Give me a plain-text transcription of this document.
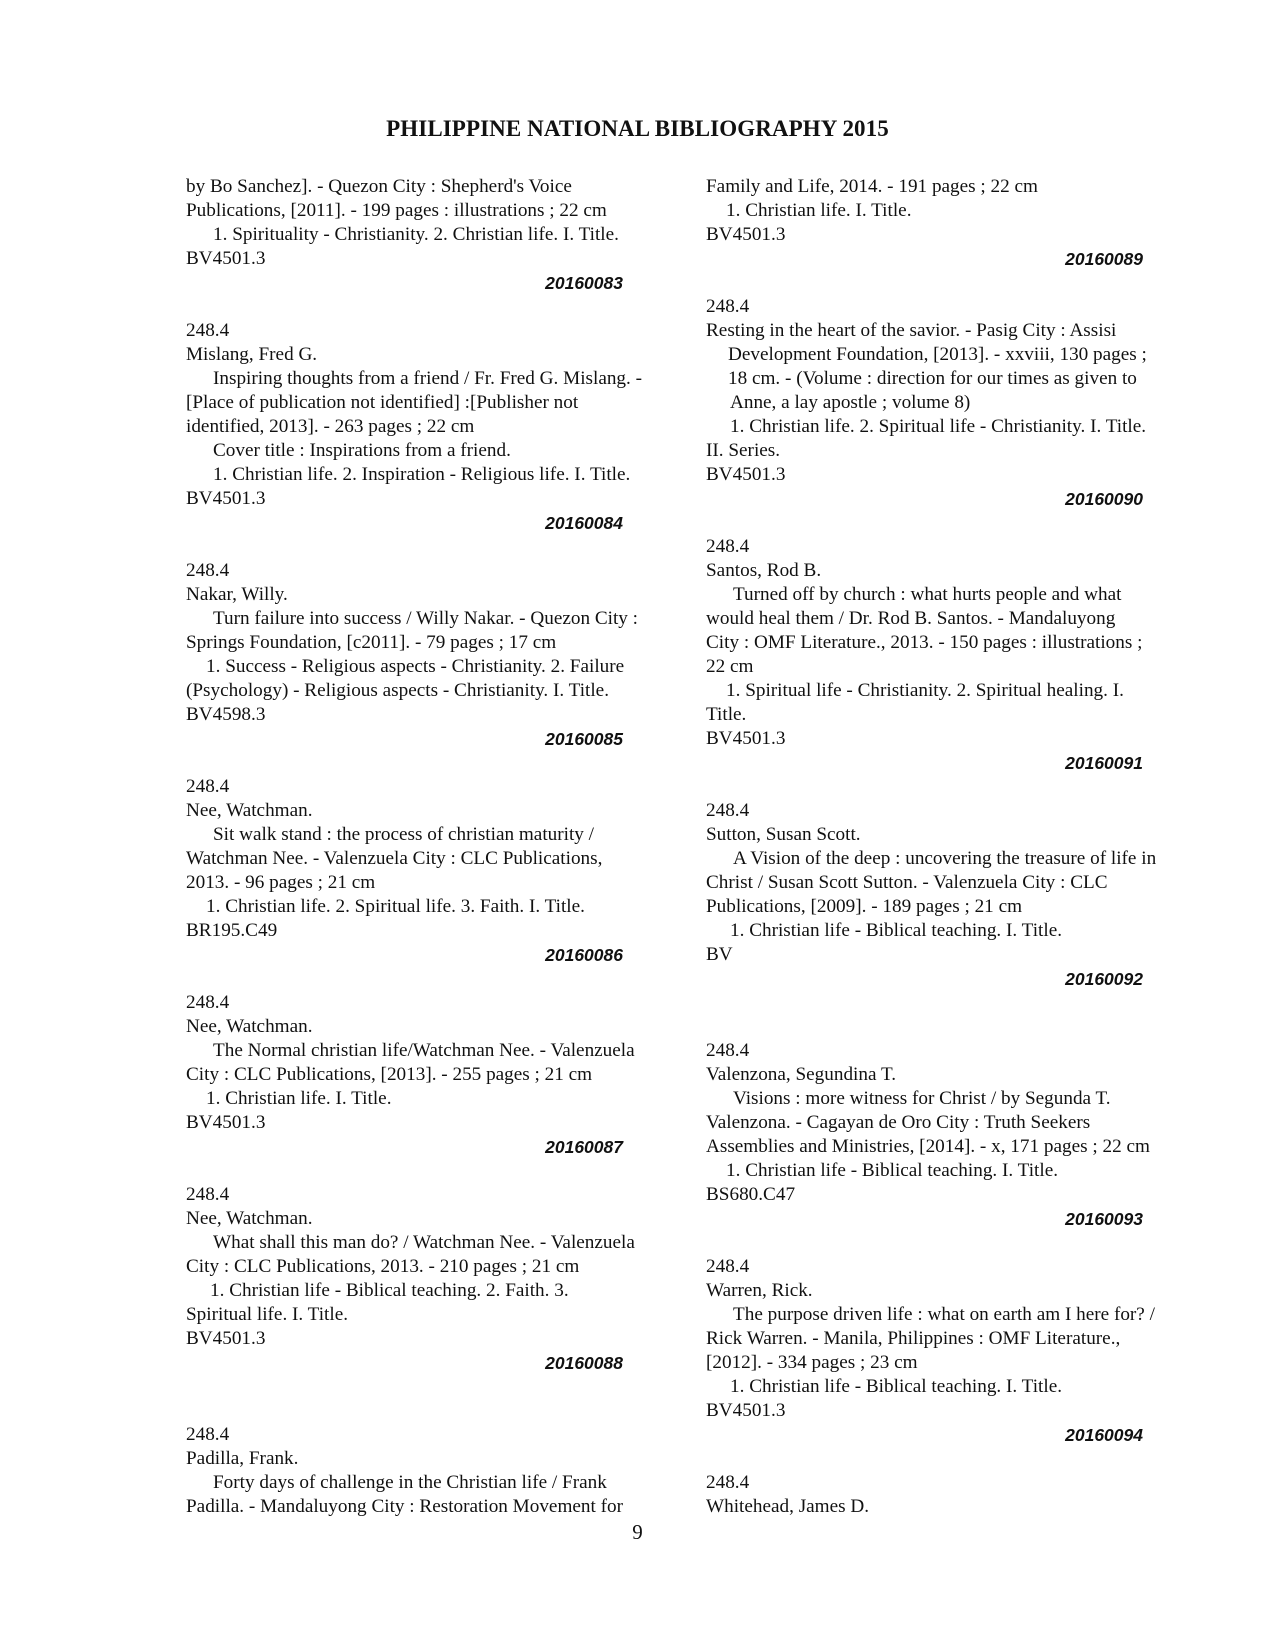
PHILIPPINE NATIONAL BIBLIOGRAPHY 2015
by Bo Sanchez]. - Quezon City : Shepherd's Voice
Publications, [2011]. - 199 pages : illustrations ; 22 cm
1. Spirituality - Christianity. 2. Christian life. I. Title.
BV4501.3
20160083
248.4
Mislang, Fred G.
Inspiring thoughts from a friend / Fr. Fred G. Mislang. -
[Place of publication not identified] :[Publisher not
identified, 2013]. - 263 pages ; 22 cm
Cover title : Inspirations from a friend.
1. Christian life. 2. Inspiration - Religious life. I. Title.
BV4501.3
20160084
248.4
Nakar, Willy.
Turn failure into success / Willy Nakar. - Quezon City :
Springs Foundation, [c2011]. - 79 pages ; 17 cm
1. Success - Religious aspects - Christianity. 2. Failure
(Psychology) - Religious aspects - Christianity. I. Title.
BV4598.3
20160085
248.4
Nee, Watchman.
Sit walk stand : the process of christian maturity /
Watchman Nee. - Valenzuela City : CLC Publications,
2013. - 96 pages ; 21 cm
1. Christian life. 2. Spiritual life. 3. Faith. I. Title.
BR195.C49
20160086
248.4
Nee, Watchman.
The Normal christian life/Watchman Nee. - Valenzuela
City : CLC Publications, [2013]. - 255 pages ; 21 cm
1. Christian life. I. Title.
BV4501.3
20160087
248.4
Nee, Watchman.
What shall this man do? / Watchman Nee. - Valenzuela
City : CLC Publications, 2013. - 210 pages ; 21 cm
1. Christian life - Biblical teaching. 2. Faith. 3.
Spiritual life. I. Title.
BV4501.3
20160088
248.4
Padilla, Frank.
Forty days of challenge in the Christian life / Frank
Padilla. - Mandaluyong City : Restoration Movement for
Family and Life, 2014. - 191 pages ; 22 cm
1. Christian life. I. Title.
BV4501.3
20160089
248.4
Resting in the heart of the savior. - Pasig City : Assisi
Development Foundation, [2013]. - xxviii, 130 pages ;
18 cm. - (Volume : direction for our times as given to
Anne, a lay apostle ; volume 8)
1. Christian life. 2. Spiritual life - Christianity. I. Title.
II. Series.
BV4501.3
20160090
248.4
Santos, Rod B.
Turned off by church : what hurts people and what
would heal them / Dr. Rod B. Santos. - Mandaluyong
City : OMF Literature., 2013. - 150 pages : illustrations ;
22 cm
1. Spiritual life - Christianity. 2. Spiritual healing. I.
Title.
BV4501.3
20160091
248.4
Sutton, Susan Scott.
A Vision of the deep : uncovering the treasure of life in
Christ / Susan Scott Sutton. - Valenzuela City : CLC
Publications, [2009]. - 189 pages ; 21 cm
1. Christian life - Biblical teaching. I. Title.
BV
20160092
248.4
Valenzona, Segundina T.
Visions : more witness for Christ / by Segunda T.
Valenzona. - Cagayan de Oro City : Truth Seekers
Assemblies and Ministries, [2014]. - x, 171 pages ; 22 cm
1. Christian life - Biblical teaching. I. Title.
BS680.C47
20160093
248.4
Warren, Rick.
The purpose driven life : what on earth am I here for? /
Rick Warren. - Manila, Philippines : OMF Literature.,
[2012]. - 334 pages ; 23 cm
1. Christian life - Biblical teaching. I. Title.
BV4501.3
20160094
248.4
Whitehead, James D.
9
